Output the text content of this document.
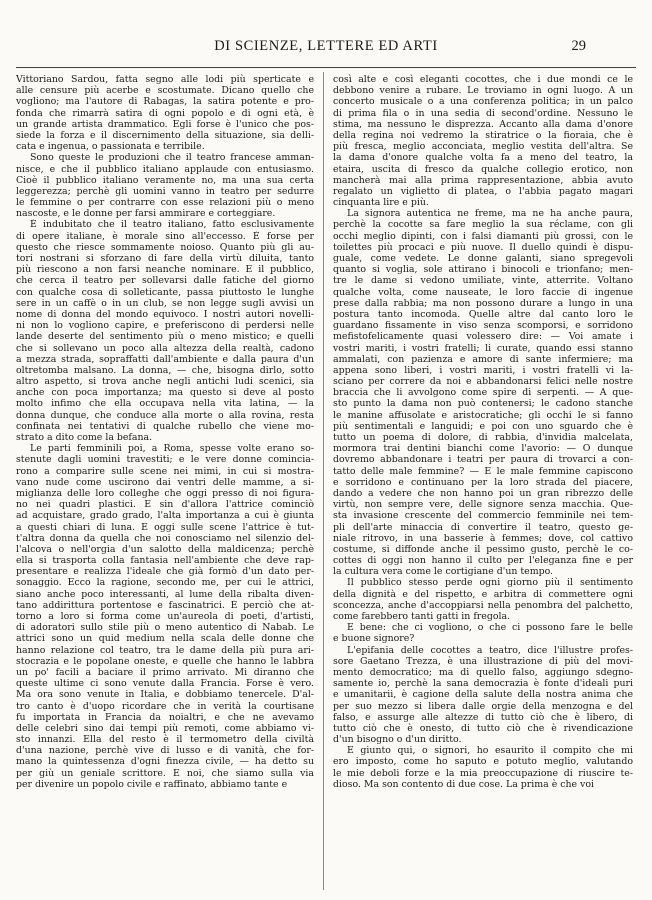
DI SCIENZE, LETTERE ED ARTI	29
Vittoriano Sardou, fatta segno alle lodi più sperticate e
alle censure più acerbe e scostumate. Dicano quello che
vogliono; ma l'autore di Rabagas, la satira potente e pro-
fonda che rimarrà satira di ogni popolo e di ogni età, è
un grande artista drammatico. Egli forse è l'unico che pos-
siede la forza e il discernimento della situazione, sia delli-
cata e ingenua, o passionata e terribile.
Sono queste le produzioni che il teatro francese amman-
nisce, e che il pubblico italiano applaude con entusiasmo.
Cioè il pubblico italiano veramente no, ma una sua certa
leggerezza; perchè gli uomini vanno in teatro per sedurre
le femmine o per contrarre con esse relazioni più o meno
nascoste, e le donne per farsi ammirare e corteggiare.
È indubitato che il teatro italiano, fatto esclusivamente
di opere italiane, è morale sino all'eccesso. È forse per
questo che riesce sommamente noioso. Quanto più gli au-
tori nostrani si sforzano di fare della virtù diluita, tanto
più riescono a non farsi neanche nominare. E il pubblico,
che cerca il teatro per sollevarsi dalle fatiche del giorno
con qualche cosa di solleticante, passa piuttosto le lunghe
sere in un caffè o in un club, se non legge sugli avvisi un
nome di donna del mondo equivoco. I nostri autori novelli-
ni non lo vogliono capire, e preferiscono di perdersi nelle
lande deserte del sentimento più o meno mistico; e quelli
che si sollevano un poco alla altezza della realtà, cadono
a mezza strada, sopraffatti dall'ambiente e dalla paura d'un
oltretomba malsano. La donna, — che, bisogna dirlo, sotto
altro aspetto, si trova anche negli antichi ludi scenici, sia
anche con poca importanza; ma questo si deve al posto
molto infimo che ella occupava nella vita latina, — la
donna dunque, che conduce alla morte o alla rovina, resta
confinata nei tentativi di qualche rubello che viene mo-
strato a dito come la befana.
Le parti femminili poi, a Roma, spesse volte erano so-
stenute dagli uomini travestiti; e le vere donne comincia-
rono a comparire sulle scene nei mimi, in cui si mostra-
vano nude come uscirono dai ventri delle mamme, a si-
miglianza delle loro colleghe che oggi presso di noi figura-
no nei quadri plastici. E sin d'allora l'attrice cominciò
ad acquistare, grado grado, l'alta importanza a cui è giunta
a questi chiari di luna. E oggi sulle scene l'attrice è tut-
t'altra donna da quella che noi conosciamo nel silenzio del-
l'alcova o nell'orgia d'un salotto della maldicenza; perchè
ella si trasporta colla fantasia nell'ambiente che deve rap-
presentare e realizza l'ideale che già formò d'un dato per-
sonaggio. Ecco la ragione, secondo me, per cui le attrici,
siano anche poco interessanti, al lume della ribalta diven-
tano addirittura portentose e fascinatrici. È perciò che at-
torno a loro si forma come un'aureola di poeti, d'artisti,
di adoratori sullo stile più o meno autentico di Nabab. Le
attrici sono un quid medium nella scala delle donne che
hanno relazione col teatro, tra le dame della più pura ari-
stocrazia e le popolane oneste, e quelle che hanno le labbra
un po' facili a baciare il primo arrivato. Mi diranno che
queste ultime ci sono venute dalla Francia. Forse è vero.
Ma ora sono venute in Italia, e dobbiamo tenercele. D'al-
tro canto è d'uopo ricordare che in verità la courtisane
fu importata in Francia da noialtri, e che ne avevamo
delle celebri sino dai tempi più remoti, come abbiamo vi-
sto innanzi. Ella del resto è il termometro della civiltà
d'una nazione, perchè vive di lusso e di vanità, che for-
mano la quintessenza d'ogni finezza civile, — ha detto su
per giù un geniale scrittore. E noi, che siamo sulla via
per divenire un popolo civile e raffinato, abbiamo tante e
così alte e così eleganti cocottes, che i due mondi ce le
debbono venire a rubare. Le troviamo in ogni luogo. A un
concerto musicale o a una conferenza politica; in un palco
di prima fila o in una sedia di second'ordine. Nessuno le
stima, ma nessuno le disprezza. Accanto alla dama d'onore
della regina noi vedremo la stiratrice o la fioraia, che è
più fresca, meglio acconciata, meglio vestita dell'altra. Se
la dama d'onore qualche volta fa a meno del teatro, la
etaira, uscita di fresco da qualche collegio erotico, non
mancherà mai alla prima rappresentazione, abbia avuto
regalato un viglietto di platea, o l'abbia pagato magari
cinquanta lire e più.
La signora autentica ne freme, ma ne ha anche paura,
perchè la cocotte sa fare meglio la sua réclame, con gli
occhi meglio dipinti, con i falsi diamanti più grossi, con le
toilettes più procaci e più nuove. Il duello quindi è dispu-
guale, come vedete. Le donne galanti, siano spregevoli
quanto si voglia, sole attirano i binocoli e trionfano; men-
tre le dame si vedono umiliate, vinte, atterrite. Voltano
qualche volta, come nauseate, le loro faccie di ingenue
prese dalla rabbia; ma non possono durare a lungo in una
postura tanto incomoda. Quelle altre dal canto loro le
guardano fissamente in viso senza scomporsi, e sorridono
mefistofelicamente quasi volessero dire: — Voi amate i
vostri mariti, i vostri fratelli; li curate, quando essi stanno
ammalati, con pazienza e amore di sante infermiere; ma
appena sono liberi, i vostri mariti, i vostri fratelli vi la-
sciano per correre da noi e abbandonarsi felici nelle nostre
braccia che li avvolgono come spire di serpenti. — A que-
sto punto la dama non può contenersi; le cadono stanche
le manine affusolate e aristocratiche; gli occhi le si fanno
più sentimentali e languidi; e poi con uno sguardo che è
tutto un poema di dolore, di rabbia, d'invidia malcelata,
mormora trai dentini bianchi come l'avorio: — O dunque
dovremo abbandonare i teatri per paura di trovarci a con-
tatto delle male femmine? — E le male femmine capiscono
e sorridono e continuano per la loro strada del piacere,
dando a vedere che non hanno poi un gran ribrezzo delle
virtù, non sempre vere, delle signore senza macchia. Que-
sta invasione crescente del commercio femminile nei tem-
pli dell'arte minaccia di convertire il teatro, questo ge-
niale ritrovo, in una basserie à femmes; dove, col cattivo
costume, si diffonde anche il pessimo gusto, perchè le co-
cottes di oggi non hanno il culto per l'eleganza fine e per
la cultura vera come le cortigiane d'un tempo.
Il pubblico stesso perde ogni giorno più il sentimento
della dignità e del rispetto, e arbitra di commettere ogni
sconcezza, anche d'accoppiarsi nella penombra del palchetto,
come farebbero tanti gatti in fregola.
E bene: che ci vogliono, o che ci possono fare le belle
e buone signore?
L'epifania delle cocottes a teatro, dice l'illustre profes-
sore Gaetano Trezza, è una illustrazione di più del movi-
mento democratico; ma di quello falso, aggiungo sdegno-
samente io, perchè la sana democrazia è fonte d'ideali puri
e umanitarii, è cagione della salute della nostra anima che
per suo mezzo si libera dalle orgie della menzogna e del
falso, e assurge alle altezze di tutto ciò che è libero, di
tutto ciò che è onesto, di tutto ciò che è rivendicazione
d'un bisogno o d'un diritto.
E giunto qui, o signori, ho esaurito il compito che mi
ero imposto, come ho saputo e potuto meglio, valutando
le mie deboli forze e la mia preoccupazione di riuscire te-
dioso. Ma son contento di due cose. La prima è che voi
